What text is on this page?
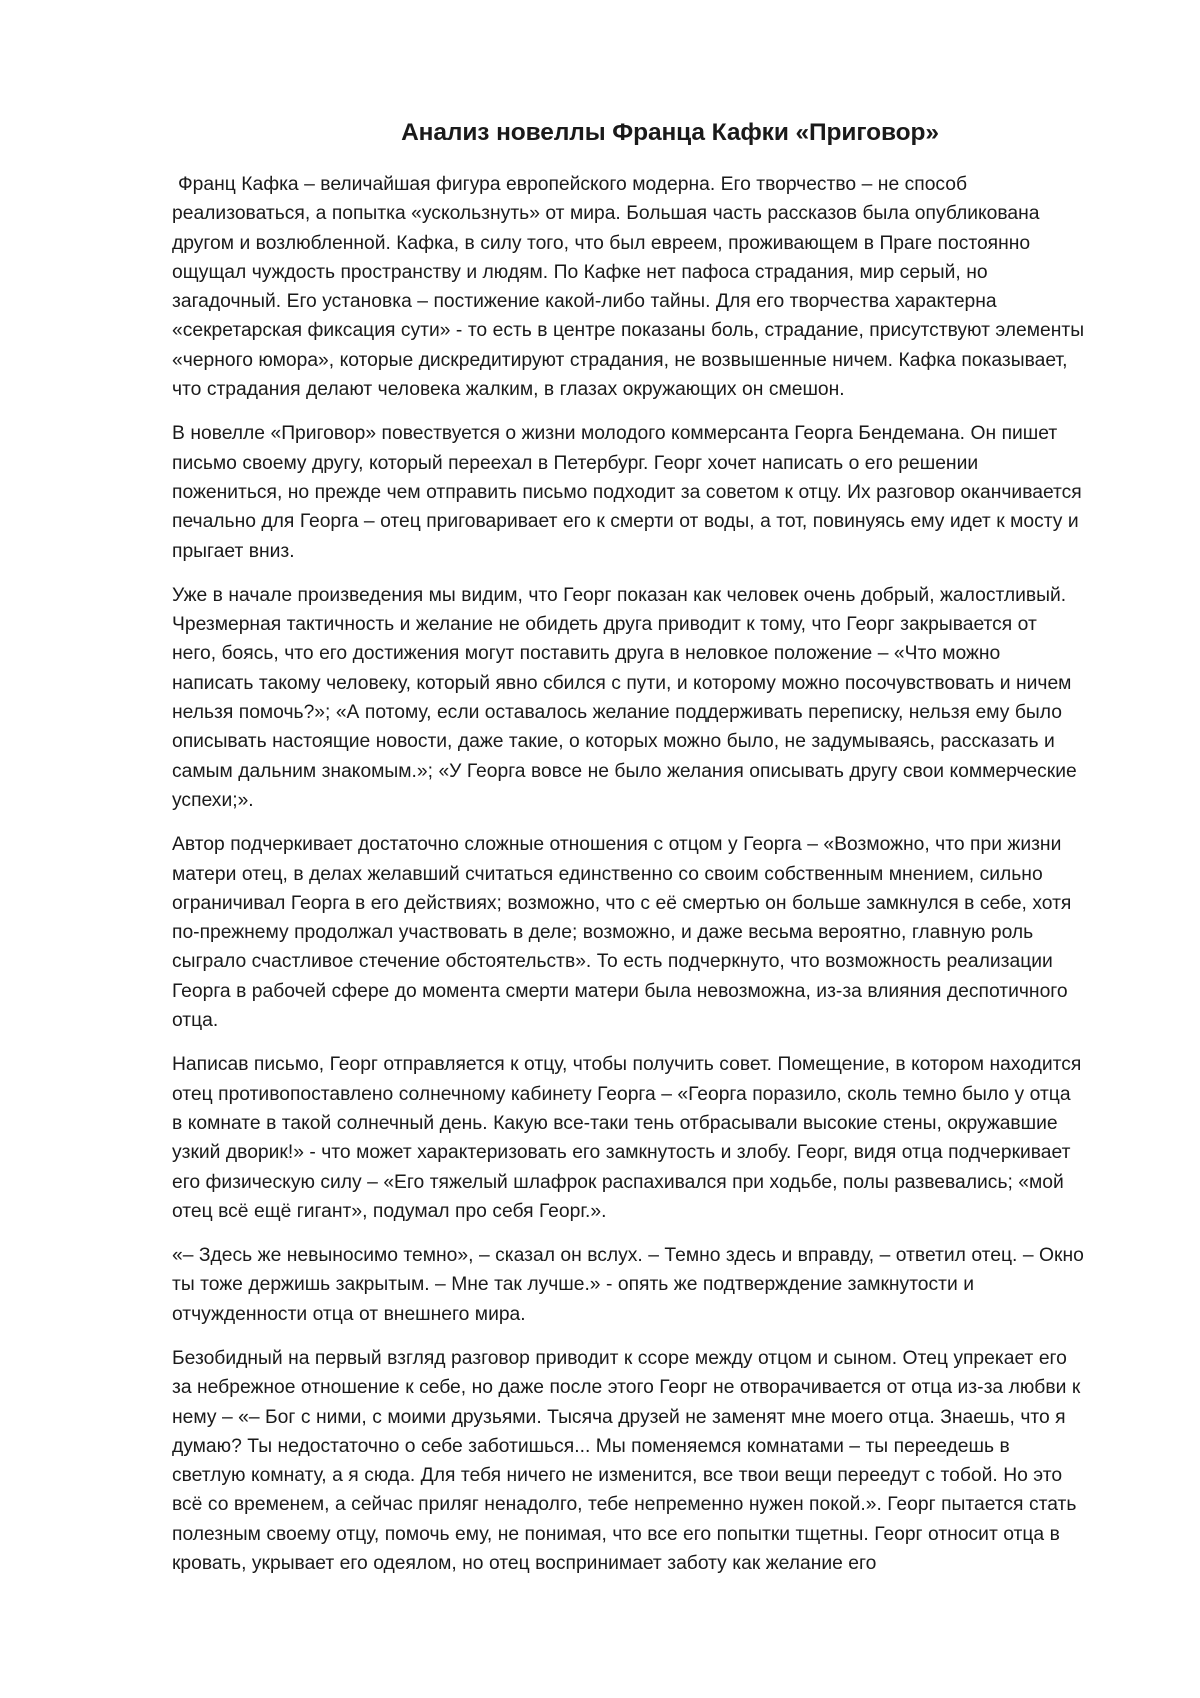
Анализ новеллы Франца Кафки «Приговор»

Франц Кафка – величайшая фигура европейского модерна. Его творчество – не способ реализоваться, а попытка «ускользнуть» от мира. Большая часть рассказов была опубликована другом и возлюбленной. Кафка, в силу того, что был евреем, проживающем в Праге постоянно ощущал чуждость пространству и людям. По Кафке нет пафоса страдания, мир серый, но загадочный. Его установка – постижение какой-либо тайны. Для его творчества характерна «секретарская фиксация сути» - то есть в центре показаны боль, страдание, присутствуют элементы «черного юмора», которые дискредитируют страдания, не возвышенные ничем. Кафка показывает, что страдания делают человека жалким, в глазах окружающих он смешон.

В новелле «Приговор» повествуется о жизни молодого коммерсанта Георга Бендемана. Он пишет письмо своему другу, который переехал в Петербург. Георг хочет написать о его решении пожениться, но прежде чем отправить письмо подходит за советом к отцу. Их разговор оканчивается печально для Георга – отец приговаривает его к смерти от воды, а тот, повинуясь ему идет к мосту и прыгает вниз.

Уже в начале произведения мы видим, что Георг показан как человек очень добрый, жалостливый. Чрезмерная тактичность и желание не обидеть друга приводит к тому, что Георг закрывается от него, боясь, что его достижения могут поставить друга в неловкое положение – «Что можно написать такому человеку, который явно сбился с пути, и которому можно посочувствовать и ничем нельзя помочь?»; «А потому, если оставалось желание поддерживать переписку, нельзя ему было описывать настоящие новости, даже такие, о которых можно было, не задумываясь, рассказать и самым дальним знакомым.»; «У Георга вовсе не было желания описывать другу свои коммерческие успехи;».

Автор подчеркивает достаточно сложные отношения с отцом у Георга – «Возможно, что при жизни матери отец, в делах желавший считаться единственно со своим собственным мнением, сильно ограничивал Георга в его действиях; возможно, что с её смертью он больше замкнулся в себе, хотя по-прежнему продолжал участвовать в деле; возможно, и даже весьма вероятно, главную роль сыграло счастливое стечение обстоятельств». То есть подчеркнуто, что возможность реализации Георга в рабочей сфере до момента смерти матери была невозможна, из-за влияния деспотичного отца.

Написав письмо, Георг отправляется к отцу, чтобы получить совет. Помещение, в котором находится отец противопоставлено солнечному кабинету Георга – «Георга поразило, сколь темно было у отца в комнате в такой солнечный день. Какую все-таки тень отбрасывали высокие стены, окружавшие узкий дворик!» - что может характеризовать его замкнутость и злобу. Георг, видя отца подчеркивает его физическую силу – «Его тяжелый шлафрок распахивался при ходьбе, полы развевались; «мой отец всё ещё гигант», подумал про себя Георг.».

«– Здесь же невыносимо темно», – сказал он вслух. – Темно здесь и вправду, – ответил отец. – Окно ты тоже держишь закрытым. – Мне так лучше.» - опять же подтверждение замкнутости и отчужденности отца от внешнего мира.

Безобидный на первый взгляд разговор приводит к ссоре между отцом и сыном. Отец упрекает его за небрежное отношение к себе, но даже после этого Георг не отворачивается от отца из-за любви к нему – «– Бог с ними, с моими друзьями. Тысяча друзей не заменят мне моего отца. Знаешь, что я думаю? Ты недостаточно о себе заботишься... Мы поменяемся комнатами – ты переедешь в светлую комнату, а я сюда. Для тебя ничего не изменится, все твои вещи переедут с тобой. Но это всё со временем, а сейчас приляг ненадолго, тебе непременно нужен покой.». Георг пытается стать полезным своему отцу, помочь ему, не понимая, что все его попытки тщетны. Георг относит отца в кровать, укрывает его одеялом, но отец воспринимает заботу как желание его
